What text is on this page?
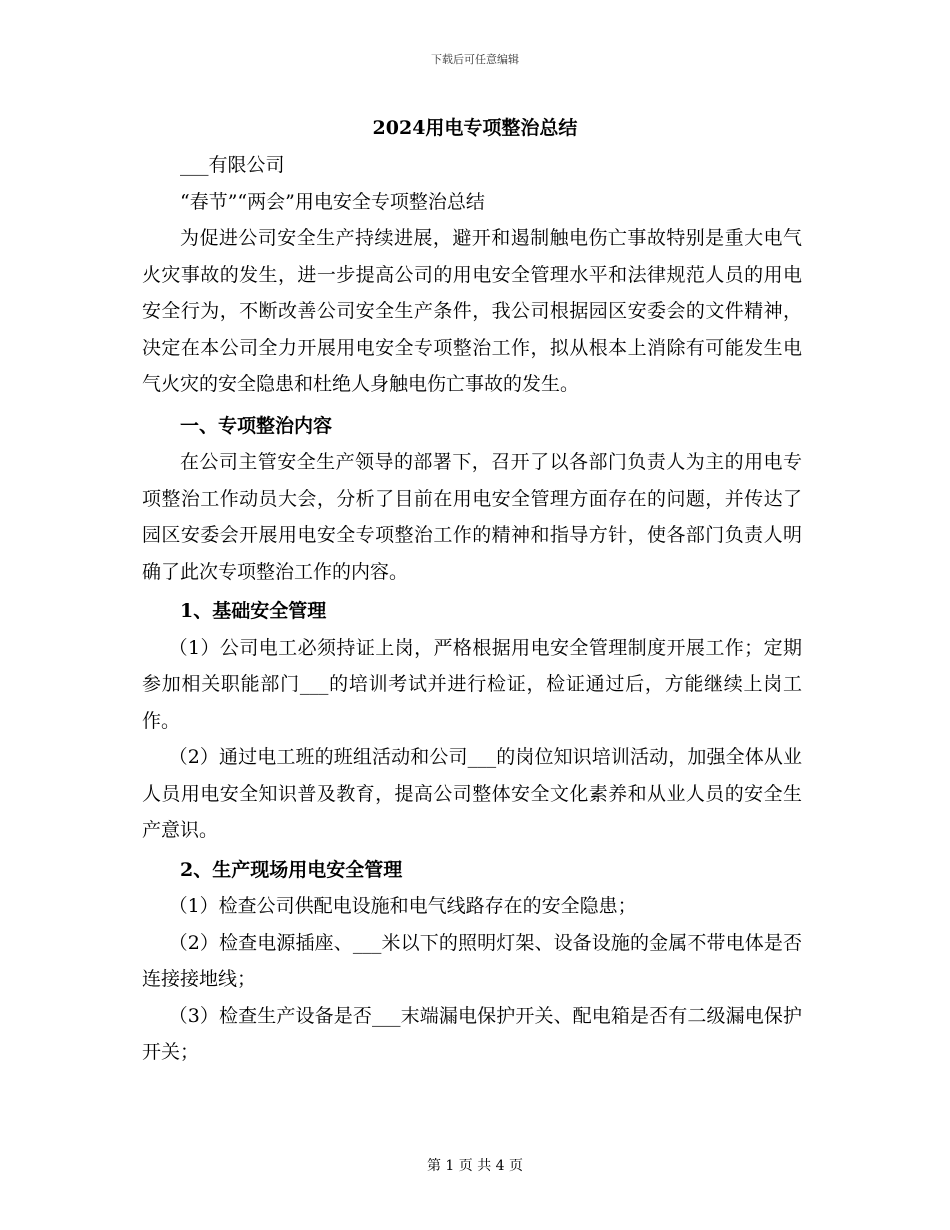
下载后可任意编辑
2024用电专项整治总结

___有限公司

“春节”“两会”用电安全专项整治总结

为促进公司安全生产持续进展，避开和遏制触电伤亡事故特别是重大电气火灾事故的发生，进一步提高公司的用电安全管理水平和法律规范人员的用电安全行为，不断改善公司安全生产条件，我公司根据园区安委会的文件精神，决定在本公司全力开展用电安全专项整治工作，拟从根本上消除有可能发生电气火灾的安全隐患和杜绝人身触电伤亡事故的发生。

一、专项整治内容

在公司主管安全生产领导的部署下，召开了以各部门负责人为主的用电专项整治工作动员大会，分析了目前在用电安全管理方面存在的问题，并传达了园区安委会开展用电安全专项整治工作的精神和指导方针，使各部门负责人明确了此次专项整治工作的内容。

1、基础安全管理

（1）公司电工必须持证上岗，严格根据用电安全管理制度开展工作；定期参加相关职能部门___的培训考试并进行检证，检证通过后，方能继续上岗工作。

（2）通过电工班的班组活动和公司___的岗位知识培训活动，加强全体从业人员用电安全知识普及教育，提高公司整体安全文化素养和从业人员的安全生产意识。

2、生产现场用电安全管理

（1）检查公司供配电设施和电气线路存在的安全隐患；

（2）检查电源插座、___米以下的照明灯架、设备设施的金属不带电体是否连接接地线；

（3）检查生产设备是否___末端漏电保护开关、配电箱是否有二级漏电保护开关；

第 1 页 共 4 页
